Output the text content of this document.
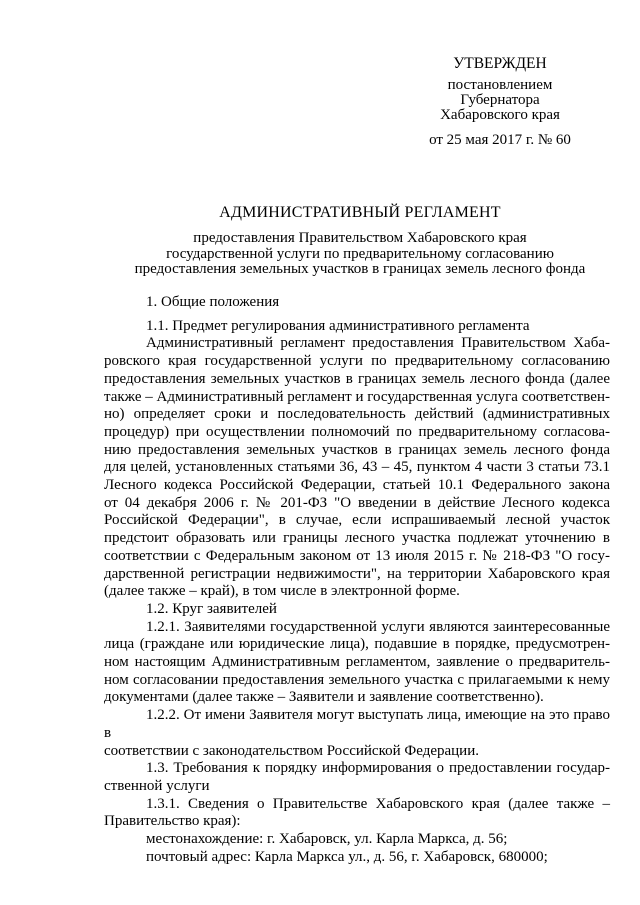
УТВЕРЖДЕН
постановлением
Губернатора
Хабаровского края
от 25 мая 2017 г. № 60
АДМИНИСТРАТИВНЫЙ РЕГЛАМЕНТ
предоставления Правительством Хабаровского края
государственной услуги по предварительному согласованию
предоставления земельных участков в границах земель лесного фонда

1. Общие положения

1.1. Предмет регулирования административного регламента

Административный регламент предоставления Правительством Хаба-
ровского края государственной услуги по предварительному согласованию
предоставления земельных участков в границах земель лесного фонда (далее
также – Административный регламент и государственная услуга соответствен-
но) определяет сроки и последовательность действий (административных
процедур) при осуществлении полномочий по предварительному согласова-
нию предоставления земельных участков в границах земель лесного фонда
для целей, установленных статьями 36, 43 – 45, пунктом 4 части 3 статьи 73.1
Лесного кодекса Российской Федерации, статьей 10.1 Федерального закона
от 04 декабря 2006 г. № 201-ФЗ "О введении в действие Лесного кодекса
Российской Федерации", в случае, если испрашиваемый лесной участок
предстоит образовать или границы лесного участка подлежат уточнению в
соответствии с Федеральным законом от 13 июля 2015 г. № 218-ФЗ "О госу-
дарственной регистрации недвижимости", на территории Хабаровского края
(далее также – край), в том числе в электронной форме.

1.2. Круг заявителей

1.2.1. Заявителями государственной услуги являются заинтересованные
лица (граждане или юридические лица), подавшие в порядке, предусмотрен-
ном настоящим Административным регламентом, заявление о предваритель-
ном согласовании предоставления земельного участка с прилагаемыми к нему
документами (далее также – Заявители и заявление соответственно).
1.2.2. От имени Заявителя могут выступать лица, имеющие на это право в
соответствии с законодательством Российской Федерации.
1.3. Требования к порядку информирования о предоставлении государ-
ственной услуги
1.3.1. Сведения о Правительстве Хабаровского края (далее также –
Правительство края):

местонахождение: г. Хабаровск, ул. Карла Маркса, д. 56;

почтовый адрес: Карла Маркса ул., д. 56, г. Хабаровск, 680000;
